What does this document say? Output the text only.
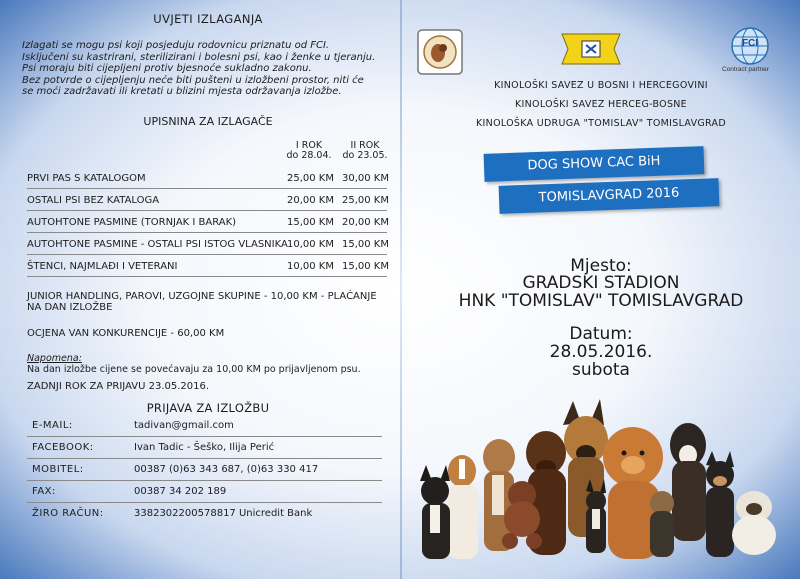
UVJETI IZLAGANJA
Izlagati se mogu psi koji posjeduju rodovnicu priznatu od FCI.
Isključeni su kastrirani, sterilizirani i bolesni psi, kao i ženke u tjeranju.
Psi moraju biti cijepljeni protiv bjesnoće sukladno zakonu.
Bez potvrde o cijepljenju neće biti pušteni u izložbeni prostor, niti će
se moći zadržavati ili kretati u blizini mjesta održavanja izložbe.
UPISNINA ZA IZLAGAČE
I ROK
do 28.04.
II ROK
do 23.05.
PRVI PAS S KATALOGOM	25,00 KM 30,00 KM
OSTALI PSI BEZ KATALOGA	20,00 KM 25,00 KM
AUTOHTONE PASMINE (TORNJAK I BARAK)	15,00 KM 20,00 KM
AUTOHTONE PASMINE - OSTALI PSI ISTOG VLASNIKA 10,00 KM 15,00 KM
ŠTENCI, NAJMLAĐI I VETERANI	10,00 KM 15,00 KM
JUNIOR HANDLING, PAROVI, UZGOJNE SKUPINE - 10,00 KM - PLAĆANJE
NA DAN IZLOŽBE
OCJENA VAN KONKURENCIJE - 60,00 KM
Napomena:
Na dan izložbe cijene se povećavaju za 10,00 KM po prijavljenom psu.
ZADNJI ROK ZA PRIJAVU 23.05.2016.
PRIJAVA ZA IZLOŽBU
E-MAIL:	tadivan@gmail.com
FACEBOOK:	Ivan Tadic - Šeško, Ilija Perić
MOBITEL:	00387 (0)63 343 687, (0)63 330 417
FAX:	00387 34 202 189
ŽIRO RAČUN:	3382302200578817 Unicredit Bank
FCI
Contract partner
KINOLOŠKI SAVEZ U BOSNI I HERCEGOVINI
KINOLOŠKI SAVEZ HERCEG-BOSNE
KINOLOŠKA UDRUGA "TOMISLAV" TOMISLAVGRAD
DOG SHOW CAC BiH
TOMISLAVGRAD 2016
Mjesto:
GRADSKI STADION
HNK "TOMISLAV" TOMISLAVGRAD
Datum:
28.05.2016.
subota
